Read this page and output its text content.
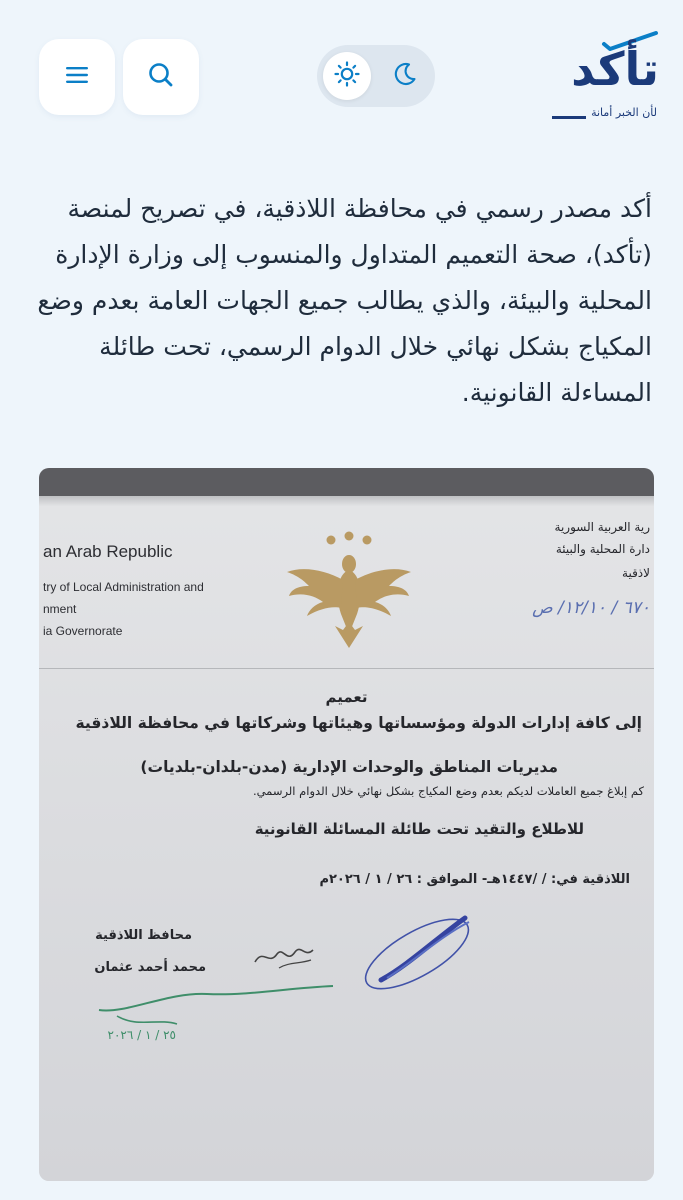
تأكد
لأن الخبر أمانة
أكد مصدر رسمي في محافظة اللاذقية، في تصريح لمنصة (تأكد)، صحة التعميم المتداول والمنسوب إلى وزارة الإدارة المحلية والبيئة، والذي يطالب جميع الجهات العامة بعدم وضع المكياج بشكل نهائي خلال الدوام الرسمي، تحت طائلة المساءلة القانونية.
an Arab Republic
try of Local Administration and
nment
ia Governorate
رية العربية السورية
دارة المحلية والبيئة
لاذقية
٦٧٠ / ١٢/١٠/ ص
تعميم
إلى كافة إدارات الدولة ومؤسساتها وهيئاتها وشركاتها في محافظة اللاذقية
مديريات المناطق والوحدات الإدارية (مدن-بلدان-بلديات)
كم إبلاغ جميع العاملات لديكم بعدم وضع المكياج بشكل نهائي خلال الدوام الرسمي.
للاطلاع والتقيد تحت طائلة المسائلة القانونية
اللاذقية في: / /١٤٤٧هـ- الموافق : ٢٦ / ١ / ٢٠٢٦م
محافظ اللاذقية
محمد أحمد عثمان
٢٥ / ١ / ٢٠٢٦
